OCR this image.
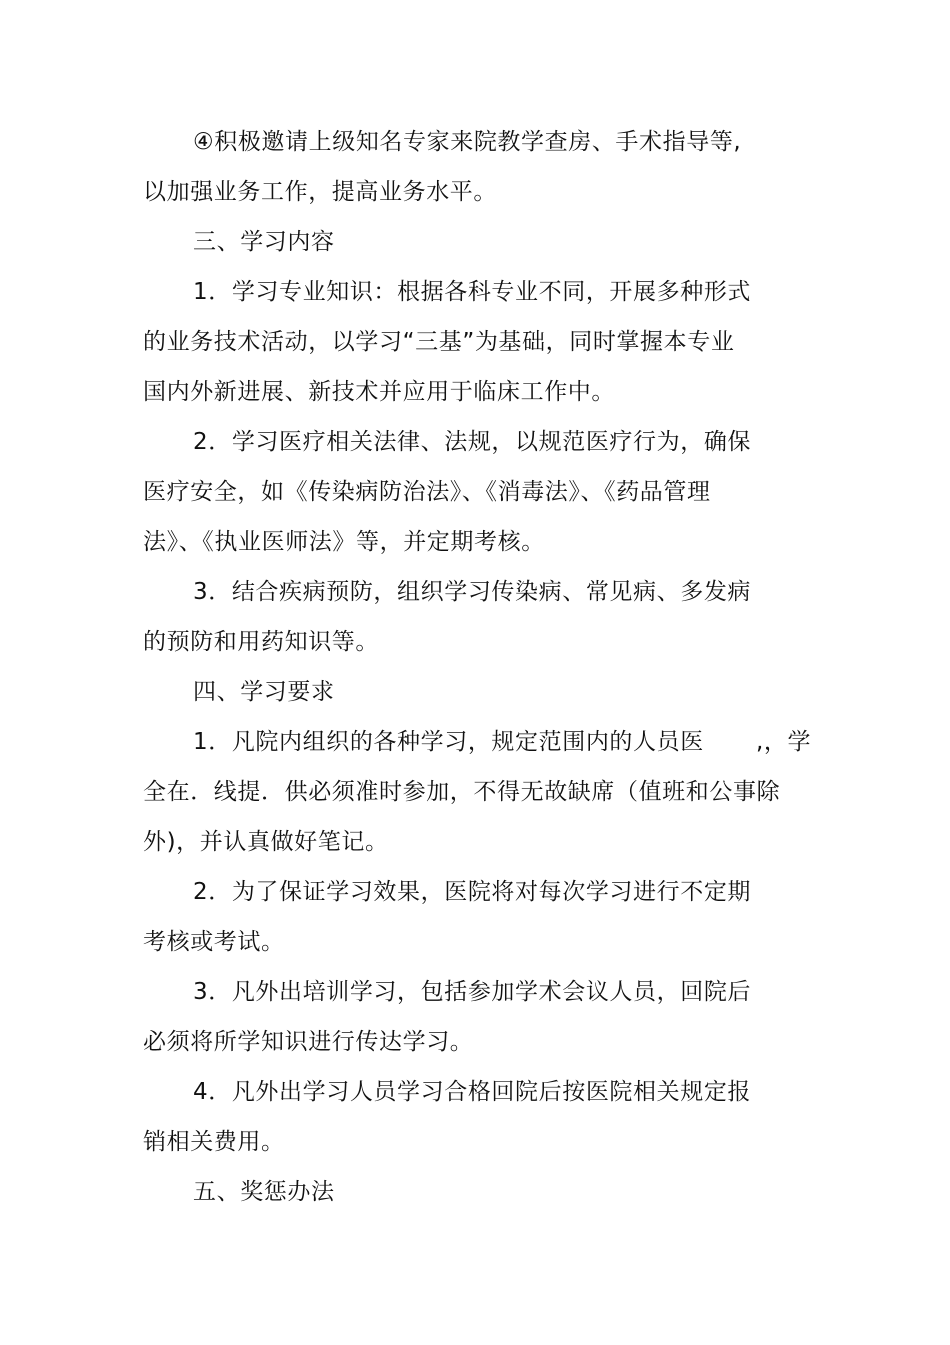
④积极邀请上级知名专家来院教学查房、手术指导等,
以加强业务工作，提高业务水平。
三、学习内容
1．学习专业知识：根据各科专业不同，开展多种形式
的业务技术活动，以学习“三基”为基础，同时掌握本专业
国内外新进展、新技术并应用于临床工作中。
2．学习医疗相关法律、法规，以规范医疗行为，确保
医疗安全，如《传染病防治法》、《消毒法》、《药品管理
法》、《执业医师法》等，并定期考核。
3．结合疾病预防，组织学习传染病、常见病、多发病
的预防和用药知识等。
四、学习要求
1．凡院内组织的各种学习，规定范围内的人员医 ,，学
全在．线提．供必须准时参加，不得无故缺席（值班和公事除
外)，并认真做好笔记。
2．为了保证学习效果，医院将对每次学习进行不定期
考核或考试。
3．凡外出培训学习，包括参加学术会议人员，回院后
必须将所学知识进行传达学习。
4．凡外出学习人员学习合格回院后按医院相关规定报
销相关费用。
五、奖惩办法
